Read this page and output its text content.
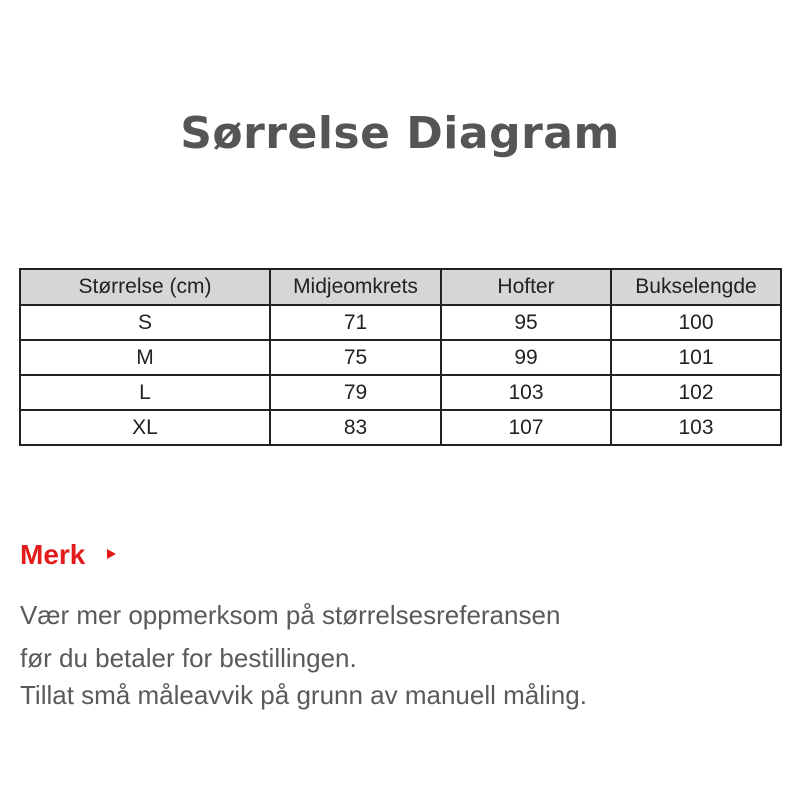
Sørrelse Diagram
Størrelse (cm)	Midjeomkrets	Hofter	Bukselengde
S	71	95	100
M	75	99	101
L	79	103	102
XL	83	107	103
Merk
Vær mer oppmerksom på størrelsesreferansen
før du betaler for bestillingen.
Tillat små måleavvik på grunn av manuell måling.
